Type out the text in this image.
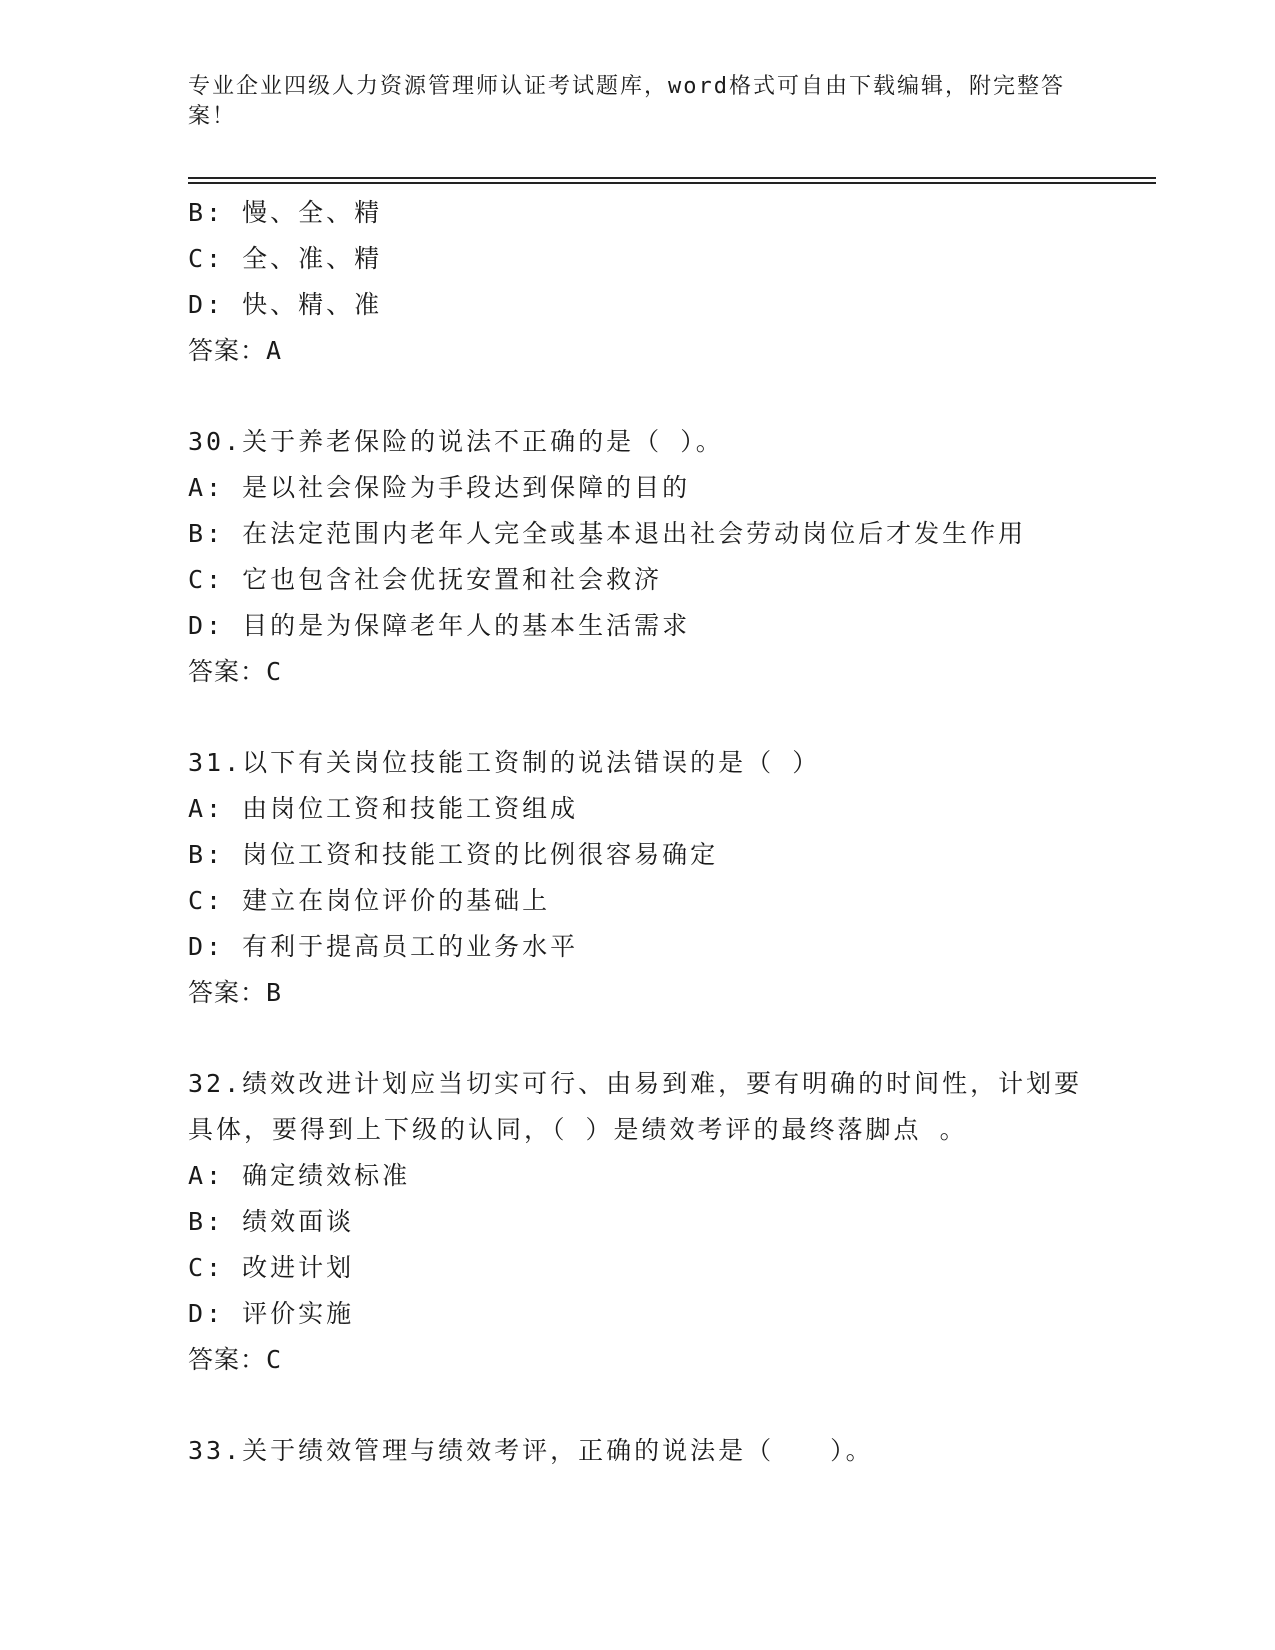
专业企业四级人力资源管理师认证考试题库，word格式可自由下载编辑，附完整答案！
B: 慢、全、精
C: 全、准、精
D: 快、精、准
答案：A
30.关于养老保险的说法不正确的是（ ）。
A: 是以社会保险为手段达到保障的目的
B: 在法定范围内老年人完全或基本退出社会劳动岗位后才发生作用
C: 它也包含社会优抚安置和社会救济
D: 目的是为保障老年人的基本生活需求
答案：C
31.以下有关岗位技能工资制的说法错误的是（ ）
A: 由岗位工资和技能工资组成
B: 岗位工资和技能工资的比例很容易确定
C: 建立在岗位评价的基础上
D: 有利于提高员工的业务水平
答案：B
32.绩效改进计划应当切实可行、由易到难，要有明确的时间性，计划要具体，要得到上下级的认同，（ ）是绩效考评的最终落脚点 。
A: 确定绩效标准
B: 绩效面谈
C: 改进计划
D: 评价实施
答案：C
33.关于绩效管理与绩效考评，正确的说法是（　　）。
